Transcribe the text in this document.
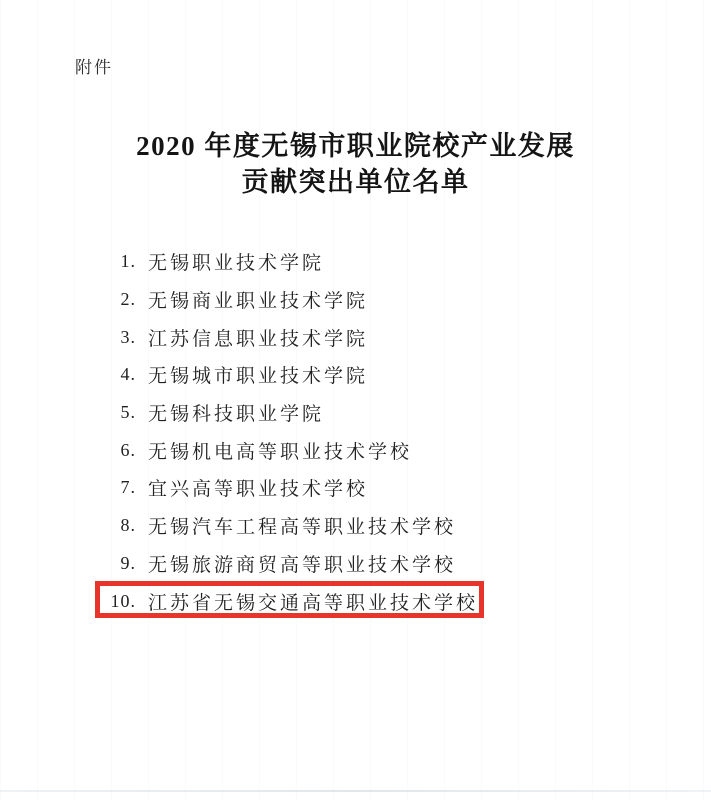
附件
2020 年度无锡市职业院校产业发展
贡献突出单位名单
1. 无锡职业技术学院
2. 无锡商业职业技术学院
3. 江苏信息职业技术学院
4. 无锡城市职业技术学院
5. 无锡科技职业学院
6. 无锡机电高等职业技术学校
7. 宜兴高等职业技术学校
8. 无锡汽车工程高等职业技术学校
9. 无锡旅游商贸高等职业技术学校
10. 江苏省无锡交通高等职业技术学校
